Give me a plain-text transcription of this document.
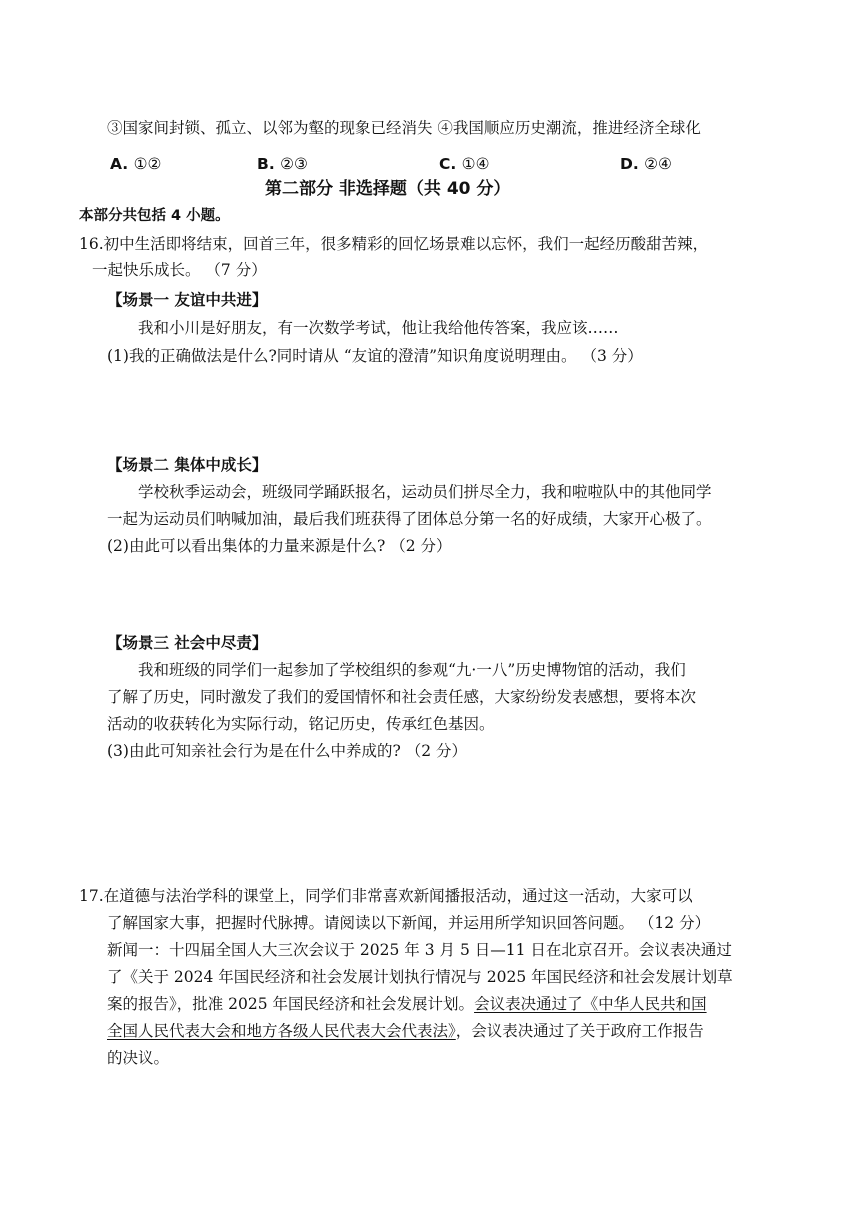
③国家间封锁、孤立、以邻为壑的现象已经消失 ④我国顺应历史潮流，推进经济全球化
A. ①②	B. ②③	C. ①④	D. ②④
第二部分 非选择题（共 40 分）
本部分共包括 4 小题。
16.初中生活即将结束，回首三年，很多精彩的回忆场景难以忘怀，我们一起经历酸甜苦辣，
一起快乐成长。 （7 分）
【场景一 友谊中共进】
我和小川是好朋友，有一次数学考试，他让我给他传答案，我应该……
(1)我的正确做法是什么?同时请从 “友谊的澄清”知识角度说明理由。 （3 分）
【场景二 集体中成长】
学校秋季运动会，班级同学踊跃报名，运动员们拼尽全力，我和啦啦队中的其他同学
一起为运动员们呐喊加油，最后我们班获得了团体总分第一名的好成绩，大家开心极了。
(2)由此可以看出集体的力量来源是什么? （2 分）
【场景三 社会中尽责】
我和班级的同学们一起参加了学校组织的参观“九·一八”历史博物馆的活动，我们
了解了历史，同时激发了我们的爱国情怀和社会责任感，大家纷纷发表感想，要将本次
活动的收获转化为实际行动，铭记历史，传承红色基因。
(3)由此可知亲社会行为是在什么中养成的? （2 分）
17.在道德与法治学科的课堂上，同学们非常喜欢新闻播报活动，通过这一活动，大家可以
了解国家大事，把握时代脉搏。请阅读以下新闻，并运用所学知识回答问题。 （12 分）
新闻一：十四届全国人大三次会议于 2025 年 3 月 5 日—11 日在北京召开。会议表决通过
了《关于 2024 年国民经济和社会发展计划执行情况与 2025 年国民经济和社会发展计划草
案的报告》，批准 2025 年国民经济和社会发展计划。会议表决通过了《中华人民共和国
全国人民代表大会和地方各级人民代表大会代表法》，会议表决通过了关于政府工作报告
的决议。
